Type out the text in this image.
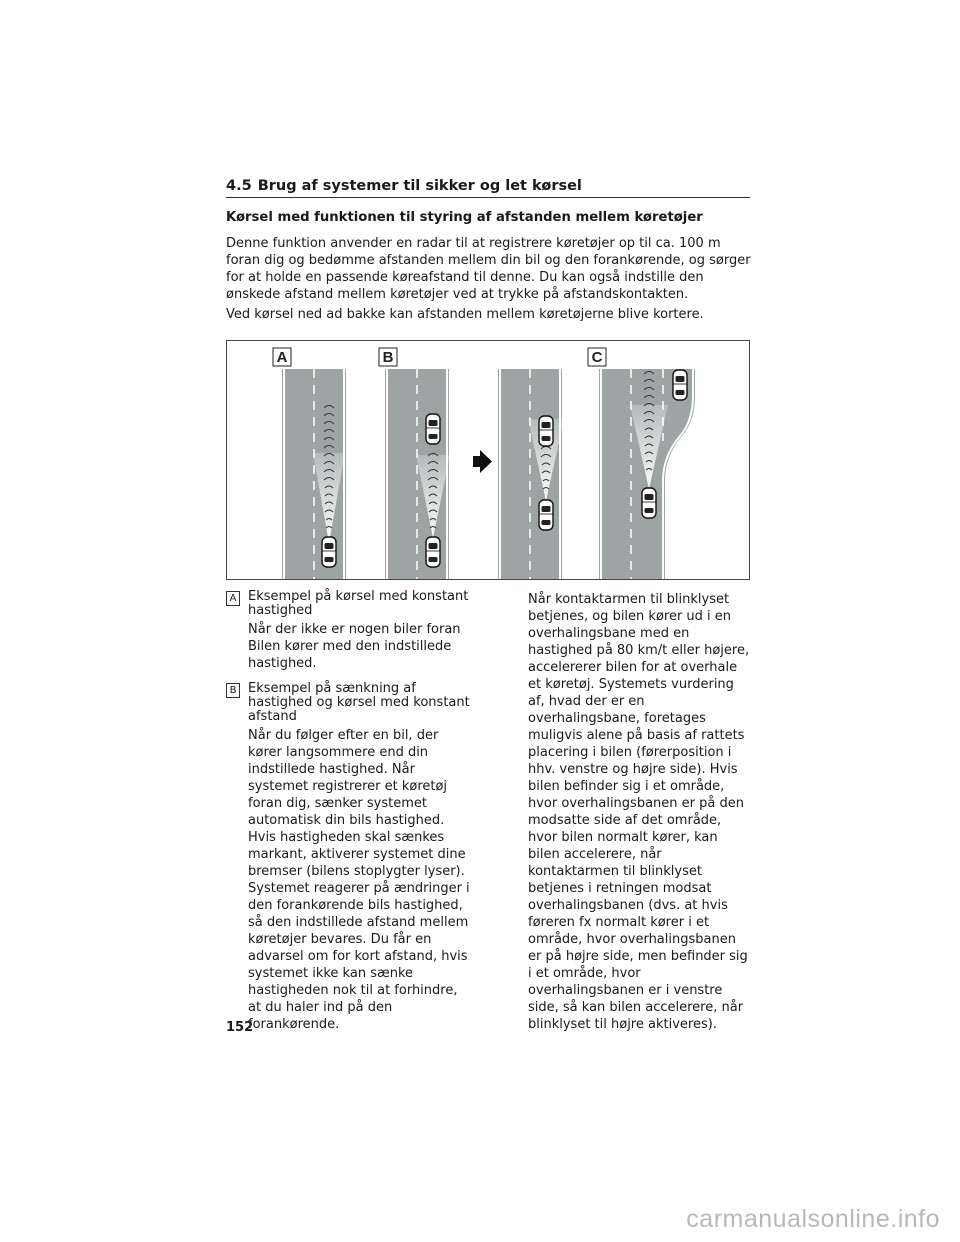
4.5 Brug af systemer til sikker og let kørsel
Kørsel med funktionen til styring af afstanden mellem køretøjer
Denne funktion anvender en radar til at registrere køretøjer op til ca. 100 m foran dig og bedømme afstanden mellem din bil og den forankørende, og sørger for at holde en passende køreafstand til denne. Du kan også indstille den ønskede afstand mellem køretøjer ved at trykke på afstandskontakten.
Ved kørsel ned ad bakke kan afstanden mellem køretøjerne blive kortere.
A	B	C
A Eksempel på kørsel med konstant hastighed
Når der ikke er nogen biler foran Bilen kører med den indstillede hastighed.
B Eksempel på sænkning af hastighed og kørsel med konstant afstand
Når du følger efter en bil, der kører langsommere end din indstillede hastighed. Når systemet registrerer et køretøj foran dig, sænker systemet automatisk din bils hastighed. Hvis hastigheden skal sænkes markant, aktiverer systemet dine bremser (bilens stoplygter lyser). Systemet reagerer på ændringer i den forankørende bils hastighed, så den indstillede afstand mellem køretøjer bevares. Du får en advarsel om for kort afstand, hvis systemet ikke kan sænke hastigheden nok til at forhindre, at du haler ind på den forankørende.
Når kontaktarmen til blinklyset betjenes, og bilen kører ud i en overhalingsbane med en hastighed på 80 km/t eller højere, accelererer bilen for at overhale et køretøj. Systemets vurdering af, hvad der er en overhalingsbane, foretages muligvis alene på basis af rattets placering i bilen (førerposition i hhv. venstre og højre side). Hvis bilen befinder sig i et område, hvor overhalingsbanen er på den modsatte side af det område, hvor bilen normalt kører, kan bilen accelerere, når kontaktarmen til blinklyset betjenes i retningen modsat overhalingsbanen (dvs. at hvis føreren fx normalt kører i et område, hvor overhalingsbanen er på højre side, men befinder sig i et område, hvor overhalingsbanen er i venstre side, så kan bilen accelerere, når blinklyset til højre aktiveres).
152
carmanualsonline.info
